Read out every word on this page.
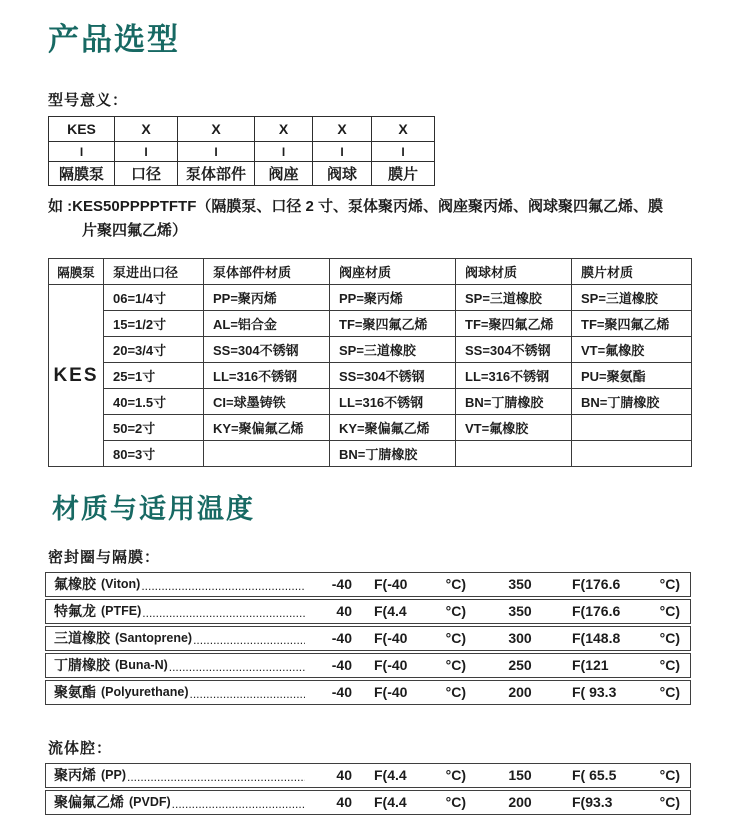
产品选型
型号意义：
KES	X	X	X	X	X
I	I	I	I	I	I
隔膜泵	口径	泵体部件	阀座	阀球	膜片
如 :KES50PPPPTFTF（隔膜泵、口径 2 寸、泵体聚丙烯、阀座聚丙烯、阀球聚四氟乙烯、膜
片聚四氟乙烯）
隔膜泵	泵进出口径	泵体部件材质	阀座材质	阀球材质	膜片材质
KES	06=1/4寸	PP=聚丙烯	PP=聚丙烯	SP=三道橡胶	SP=三道橡胶
	15=1/2寸	AL=铝合金	TF=聚四氟乙烯	TF=聚四氟乙烯	TF=聚四氟乙烯
	20=3/4寸	SS=304不锈钢	SP=三道橡胶	SS=304不锈钢	VT=氟橡胶
	25=1寸	LL=316不锈钢	SS=304不锈钢	LL=316不锈钢	PU=聚氨酯
	40=1.5寸	CI=球墨铸铁	LL=316不锈钢	BN=丁腈橡胶	BN=丁腈橡胶
	50=2寸	KY=聚偏氟乙烯	KY=聚偏氟乙烯	VT=氟橡胶	
	80=3寸		BN=丁腈橡胶		
材质与适用温度
密封圈与隔膜：
氟橡胶 (Viton) .....	-40 F(-40	°C)	350	F(176.6	°C)
特氟龙 (PTFE) .....	40 F(4.4	°C)	350	F(176.6	°C)
三道橡胶 (Santoprene) .....	-40 F(-40	°C)	300	F(148.8	°C)
丁腈橡胶 (Buna-N) .....	-40 F(-40	°C)	250	F(121	°C)
聚氨酯 (Polyurethane) .....	-40 F(-40	°C)	200	F( 93.3	°C)
流体腔：
聚丙烯 (PP) .....	40 F(4.4	°C)	150	F( 65.5	°C)
聚偏氟乙烯 (PVDF) .....	40 F(4.4	°C)	200	F(93.3	°C)
